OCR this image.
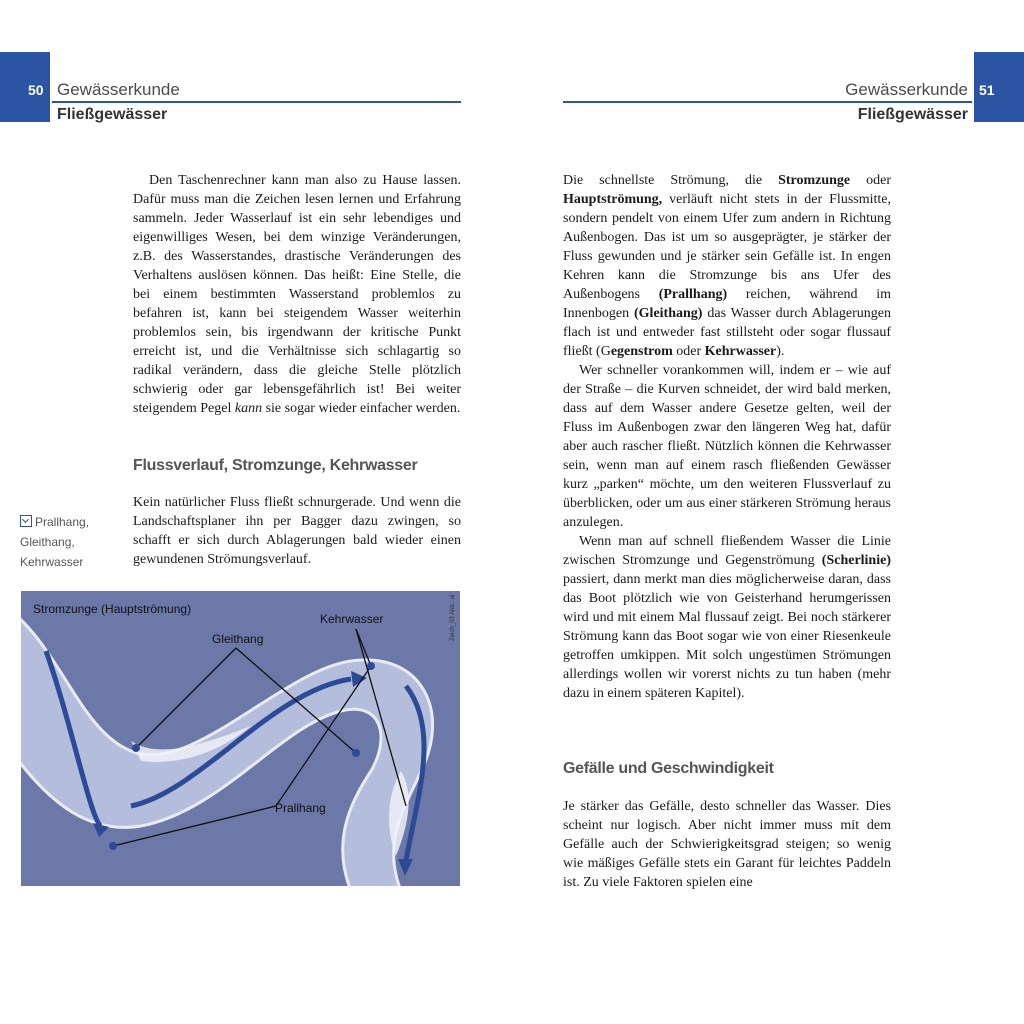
50 Gewässerkunde
Fließgewässer
51
Gewässerkunde
Fließgewässer

Den Taschenrechner kann man also zu Hause lassen. Dafür muss man die Zeichen lesen lernen und Erfahrung sammeln. Jeder Wasserlauf ist ein sehr lebendiges und eigenwilliges Wesen, bei dem winzige Veränderungen, z.B. des Wasserstandes, drastische Veränderungen des Verhaltens auslösen können. Das heißt: Eine Stelle, die bei einem bestimmten Wasserstand problemlos zu befahren ist, kann bei steigendem Wasser weiterhin problemlos sein, bis irgendwann der kritische Punkt erreicht ist, und die Verhältnisse sich schlagartig so radikal verändern, dass die gleiche Stelle plötzlich schwierig oder gar lebensgefährlich ist! Bei weiter steigendem Pegel kann sie sogar wieder einfacher werden.

Flussverlauf, Stromzunge, Kehrwasser

Kein natürlicher Fluss fließt schnurgerade. Und wenn die Landschaftsplaner ihn per Bagger dazu zwingen, so schafft er sich durch Ablagerungen bald wieder einen gewundenen Strömungsverlauf.

Prallhang,
Gleithang,
Kehrwasser
Stromzunge (Hauptströmung)
Kehrwasser
Gleithang
Prallhang
Zeich_03 Abb.: ai

Die schnellste Strömung, die Stromzunge oder Hauptströmung, verläuft nicht stets in der Flussmitte, sondern pendelt von einem Ufer zum andern in Richtung Außenbogen. Das ist um so ausgeprägter, je stärker der Fluss gewunden und je stärker sein Gefälle ist. In engen Kehren kann die Stromzunge bis ans Ufer des Außenbogens (Prallhang) reichen, während im Innenbogen (Gleithang) das Wasser durch Ablagerungen flach ist und entweder fast stillsteht oder sogar flussauf fließt (Gegenstrom oder Kehrwasser).

Wer schneller vorankommen will, indem er – wie auf der Straße – die Kurven schneidet, der wird bald merken, dass auf dem Wasser andere Gesetze gelten, weil der Fluss im Außenbogen zwar den längeren Weg hat, dafür aber auch rascher fließt. Nützlich können die Kehrwasser sein, wenn man auf einem rasch fließenden Gewässer kurz „parken“ möchte, um den weiteren Flussverlauf zu überblicken, oder um aus einer stärkeren Strömung heraus anzulegen.

Wenn man auf schnell fließendem Wasser die Linie zwischen Stromzunge und Gegenströmung (Scherlinie) passiert, dann merkt man dies möglicherweise daran, dass das Boot plötzlich wie von Geisterhand herumgerissen wird und mit einem Mal flussauf zeigt. Bei noch stärkerer Strömung kann das Boot sogar wie von einer Riesenkeule getroffen umkippen. Mit solch ungestümen Strömungen allerdings wollen wir vorerst nichts zu tun haben (mehr dazu in einem späteren Kapitel).

Gefälle und Geschwindigkeit

Je stärker das Gefälle, desto schneller das Wasser. Dies scheint nur logisch. Aber nicht immer muss mit dem Gefälle auch der Schwierigkeitsgrad steigen; so wenig wie mäßiges Gefälle stets ein Garant für leichtes Paddeln ist. Zu viele Faktoren spielen eine
